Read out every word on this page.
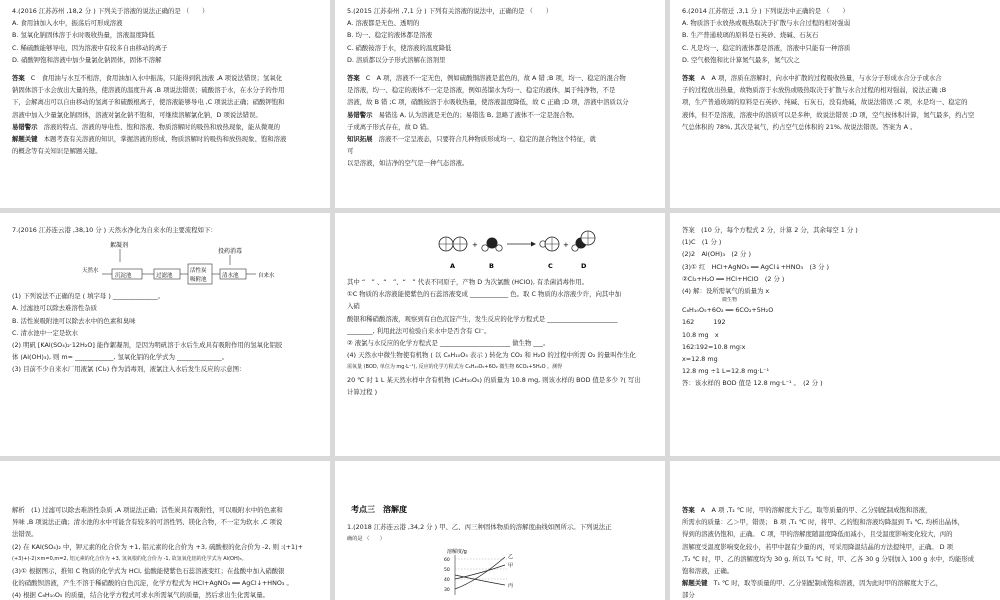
4.(2016 江苏苏州 ,18,2 分 ) 下列关于溶液的说法正确的是 （　　）
A. 食用油加入水中，振荡后可形成溶液
B. 氢氧化钠固体溶于水时吸收热量，溶液温度降低
C. 稀硫酸能够导电，因为溶液中有较多自由移动的离子
D. 硝酸钾饱和溶液中加少量氯化钠固体，固体不溶解
答案 C　食用油与水互不相溶，食用油加入水中振荡，只能得到乳浊液 ,A 项说法错误；氢氧化
钠固体溶于水会放出大量的热，使溶液的温度升高 ,B 项说法错误；硫酸溶于水，在水分子的作用
下，会解离出可以自由移动的氢离子和硫酸根离子，使溶液能够导电 ,C 项说法正确；硝酸钾饱和
溶液中加入少量氯化钠固体，溶液对氯化钠不饱和，可继续溶解氯化钠，D 项说法错误。
易错警示 溶液的特点、溶液的导电性、饱和溶液、物质溶解时的吸热和放热现象，能从微观的
解题关键 本题考查有关溶液的知识，掌握溶液的形成、物质溶解时的吸热和放热现象、饱和溶液
的概念等有关知识是解题关键。
5.(2015 江苏泰州 ,7,1 分 ) 下列有关溶液的说法中，正确的是 （　　）
A. 溶液都是无色、透明的
B. 均一、稳定的液体都是溶液
C. 硝酸铵溶于水，使溶液的温度降低
D. 溶质都以分子形式溶解在溶剂里
答案 C　A 项，溶液不一定无色，例如硫酸铜溶液是蓝色的，故 A 错 ;B 项，均一、稳定的混合物
是溶液，均一、稳定的液体不一定是溶液，例如蒸馏水为均一、稳定的液体，属于纯净物，不是
溶液，故 B 错 ;C 项，硝酸铵溶于水吸收热量，使溶液温度降低，故 C 正确 ;D 项，溶液中溶质以分
易错警示 易错选 A, 认为溶液是无色的；易错选 B, 忽略了液体不一定是混合物。
子或离子形式存在，故 D 错。
知识拓展 溶液不一定呈液态，只要符合几种物质形成均一、稳定的混合物这个特征，就
可
以是溶液，如洁净的空气是一种气态溶液。
6.(2014 江苏宿迁 ,3,1 分 ) 下列说法中正确的是 （　　）
A. 物质溶于水放热或吸热取决于扩散与水合过程的相对强弱
B. 生产普通玻璃的原料是石英砂、烧碱、石灰石
C. 凡是均一、稳定的液体都是溶液，溶液中只能有一种溶质
D. 空气极饱和比计算氮气最多，氮气次之
答案 A　A 项，溶质在溶解时，向水中扩散的过程吸收热量，与水分子形成水合分子或水合
子的过程放出热量，故物质溶于水放热或吸热取决于扩散与水合过程的相对强弱，说法正确 ;B
项，生产普通玻璃的原料是石英砂、纯碱、石灰石，没有烧碱，故说法错误 ;C 项，水是均一、稳定的
液体，但不是溶液，溶液中的溶质可以是多种，故说法错误 ;D 项，空气按体积计算，氮气最多，约占空
气总体积的 78%, 其次是氧气，约占空气总体积的 21%, 故说法错误。答案为 A 。
7.(2016 江苏连云港 ,38,10 分 ) 天然水净化为自来水的主要流程如下：
絮凝剂
投药消毒
天然水
沉淀池	过滤池
活性炭
吸附池
清水池	自来水
(1) 下列说法不正确的是 ( 填字母 ) ______________。
A. 过滤池可以除去难溶性杂质
B. 活性炭吸附池可以除去水中的色素和臭味
C. 清水池中一定是软水
(2) 明矾 [KAl(SO₄)₂·12H₂O] 能作絮凝剂，是因为明矾溶于水后生成具有吸附作用的氢氧化铝胶
体 (Al(OH)₃), 则 m= ____________, 氢氧化铝的化学式为 ______________。
(3) 目前不少自来水厂用液氯 (Cl₂) 作为消毒剂，液氯注入水后发生反应的示意图：
+	+
A	B	C	D
其中 “　” 、“　”、“　” 代表不同原子，产物 D 为次氯酸 (HClO), 有杀菌消毒作用。
①C 物质的水溶液能使紫色的石蕊溶液变成 ____________ 色。取 C 物质的水溶液少许，向其中加
入硝
酸银和稀硝酸溶液，观察到有白色沉淀产生，发生反应的化学方程式是 ______________________
________, 利用此法可检验自来水中是否含有 Cl⁻。
② 液氯与水反应的化学方程式是 ______________________ 做生物 ___。
(4) 天然水中微生物使有机物 ( 以 C₆H₁₀O₅ 表示 ) 转化为 CO₂ 和 H₂O 的过程中所需 O₂ 的量叫作生化
需氧量 (BOD, 单位为 mg·L⁻¹), 反应的化学方程式为 C₆H₁₀O₅+6O₂ 微生物 6CO₂+5H₂O 。测得
20 ℃ 时 1 L 某天然水样中含有机物 (C₆H₁₀O₅) 的质量为 10.8 mg, 则该水样的 BOD 值是多少 ?( 写出
计算过程 )
答案　(10 分，每个方程式 2 分，计算 2 分，其余每空 1 分 )
(1)C　(1 分 )
(2)2　Al(OH)₃　(2 分 )
(3)① 红　HCl+AgNO₃ ══ AgCl↓+HNO₃　(3 分 )
②Cl₂+H₂O ══ HCl+HClO　(2 分 )
(4) 解：设所需氧气的质量为 x
　　　　　　　　微生物
C₆H₁₀O₅+6O₂ ══ 6CO₂+5H₂O
162　　　192
10.8 mg　x
162∶192=10.8 mg∶x
x=12.8 mg
12.8 mg ÷1 L=12.8 mg·L⁻¹
答：该水样的 BOD 值是 12.8 mg·L⁻¹ 。　(2 分 )
解析　(1) 过滤可以除去难溶性杂质 ,A 项说法正确；活性炭具有吸附性，可以吸附水中的色素和
异味 ,B 项说法正确；清水池的水中可能含有较多的可溶性钙、镁化合物，不一定为软水 ,C 项说
法错误。
(2) 在 KAl(SO₄)₂ 中，钾元素的化合价为 +1, 铝元素的化合价为 +3, 硫酸根的化合价为 -2, 则 :(+1)+
(+3)+(-2)×m=0,m=2, 铝元素的化合价为 +3, 氢氧根的化合价为 -1, 故氢氧化铝的化学式为 Al(OH)₃。
(3)① 根据图示，推知 C 物质的化学式为 HCl, 盐酸能使紫色石蕊溶液变红；在盐酸中加入硝酸银
化的硝酸钡溶液，产生不溶于稀硝酸的白色沉淀，化学方程式为 HCl+AgNO₃ ══ AgCl↓+HNO₃ 。
(4) 根据 C₆H₁₀O₅ 的质量，结合化学方程式可求水所需氧气的质量，然后求出生化需氧量。
考点三　溶解度
1.(2018 江苏连云港 ,34,2 分 ) 甲、乙、丙三种固体物质的溶解度曲线如图所示。下列说法正
确的是 （　　）
溶解度/g
60
50
40
30
乙
甲
丙
答案 A　A 项 ,T₂ ℃ 时，甲的溶解度大于乙，取等质量的甲、乙分别配制成饱和溶液，
所需水的质量：乙＞甲，错误； B 项 ,T₁ ℃ 时，将甲、乙的饱和溶液均降温到 T₁ ℃, 均析出晶体，
得到的溶液仍饱和，正确。 C 项，甲的溶解度随温度降低而减小，且受温度影响变化较大，丙的
溶解度受温度影响变化较小，若甲中混有少量的丙，可采用降温结晶的方法提纯甲，正确。 D 项
,T₂ ℃ 时，甲、乙的溶解度均为 30 g, 所以 T₂ ℃ 时，甲、乙各 30 g 分别加入 100 g 水中，均能形成
饱和溶液，正确。
解题关键 T₁ ℃ 时，取等质量的甲、乙分别配制成饱和溶液，因为此时甲的溶解度大于乙，
部分
